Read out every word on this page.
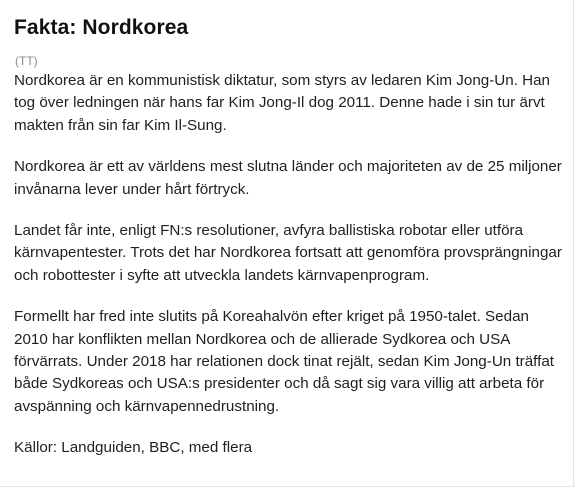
Fakta: Nordkorea

(TT)

Nordkorea är en kommunistisk diktatur, som styrs av ledaren Kim Jong-Un. Han tog över ledningen när hans far Kim Jong-Il dog 2011. Denne hade i sin tur ärvt makten från sin far Kim Il-Sung.

Nordkorea är ett av världens mest slutna länder och majoriteten av de 25 miljoner invånarna lever under hårt förtryck.

Landet får inte, enligt FN:s resolutioner, avfyra ballistiska robotar eller utföra kärnvapentester. Trots det har Nordkorea fortsatt att genomföra provsprängningar och robottester i syfte att utveckla landets kärnvapenprogram.

Formellt har fred inte slutits på Koreahalvön efter kriget på 1950-talet. Sedan 2010 har konflikten mellan Nordkorea och de allierade Sydkorea och USA förvärrats. Under 2018 har relationen dock tinat rejält, sedan Kim Jong-Un träffat både Sydkoreas och USA:s presidenter och då sagt sig vara villig att arbeta för avspänning och kärnvapennedrustning.

Källor: Landguiden, BBC, med flera
